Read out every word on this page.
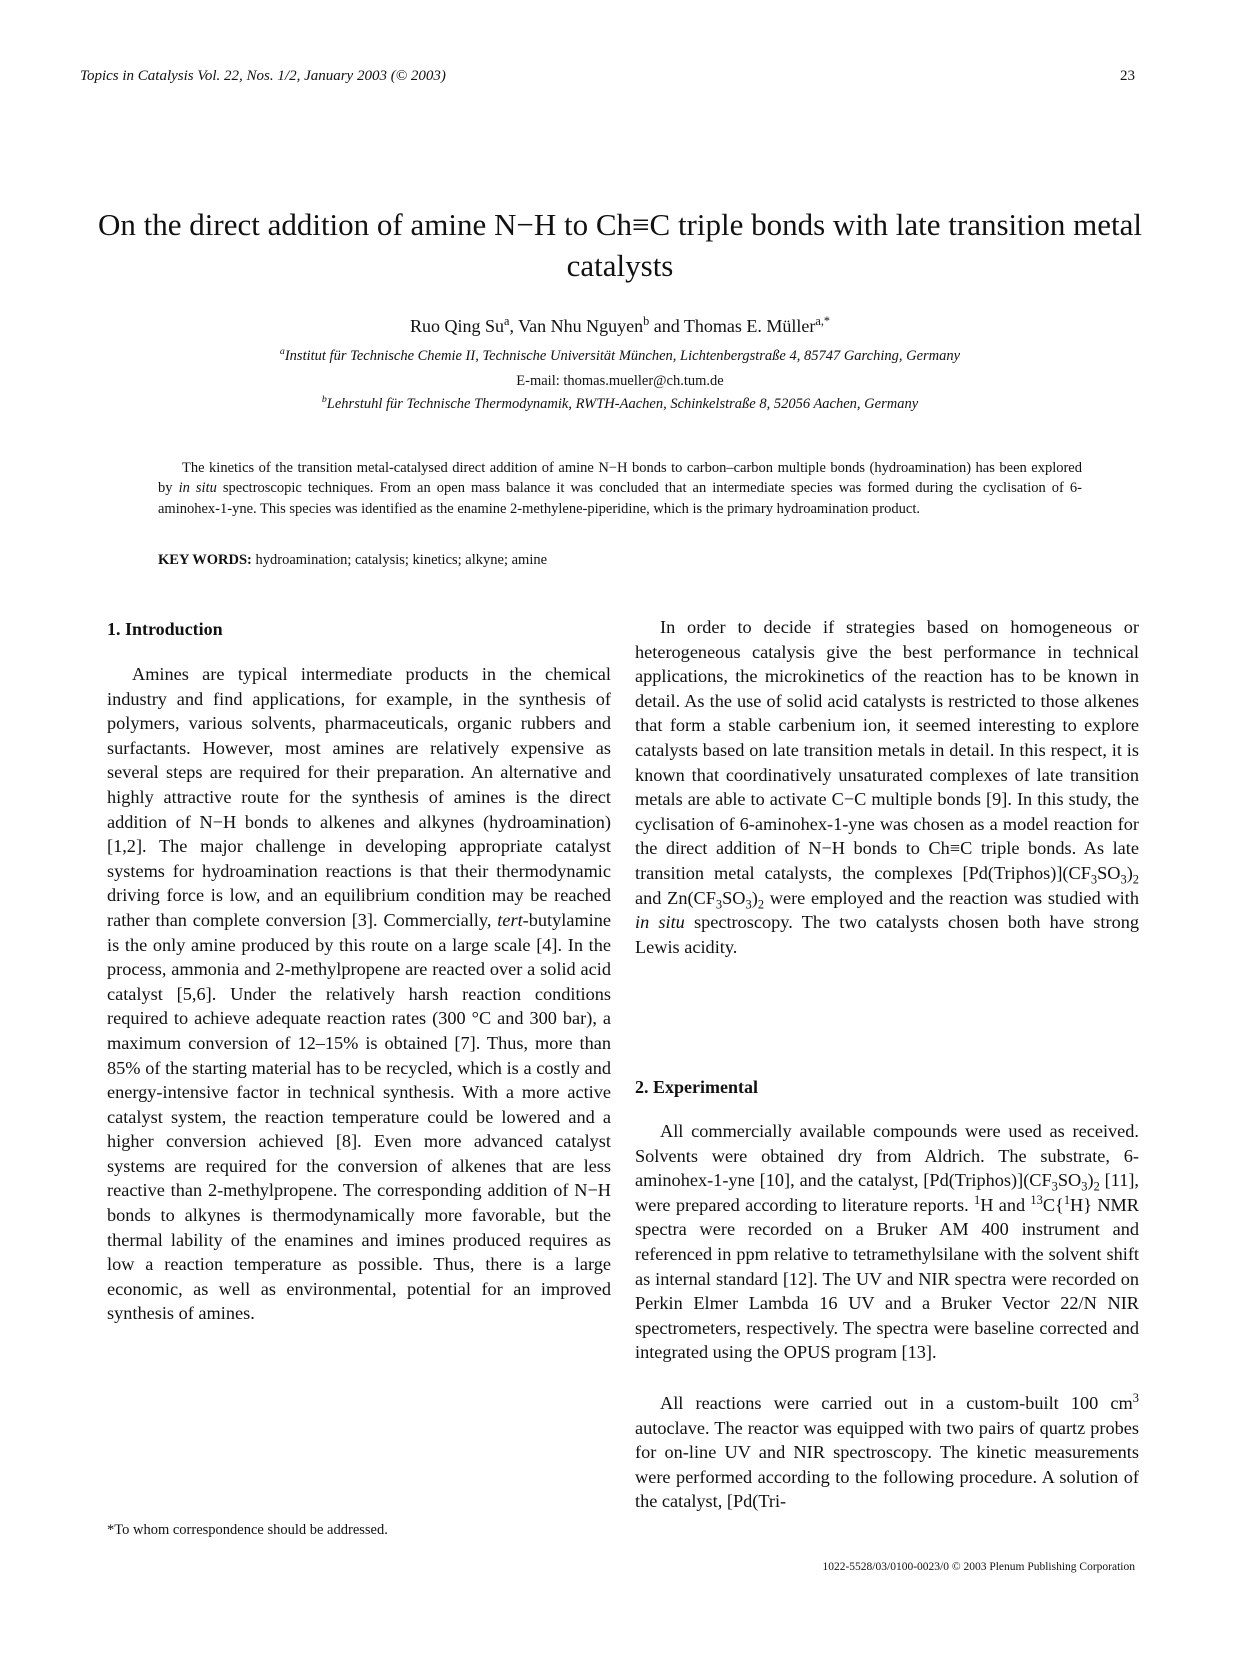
Topics in Catalysis Vol. 22, Nos. 1/2, January 2003 (© 2003)	23
On the direct addition of amine N−H to Ch≡C triple bonds with late transition metal catalysts
Ruo Qing Su$^a$, Van Nhu Nguyen$^b$ and Thomas E. Müller$^{a,*}$
$^a$Institut für Technische Chemie II, Technische Universität München, Lichtenbergstraße 4, 85747 Garching, Germany
E-mail: thomas.mueller@ch.tum.de
$^b$Lehrstuhl für Technische Thermodynamik, RWTH-Aachen, Schinkelstraße 8, 52056 Aachen, Germany

The kinetics of the transition metal-catalysed direct addition of amine N−H bonds to carbon–carbon multiple bonds (hydroamination) has been explored by in situ spectroscopic techniques. From an open mass balance it was concluded that an intermediate species was formed during the cyclisation of 6-aminohex-1-yne. This species was identified as the enamine 2-methylene-piperidine, which is the primary hydroamination product.

KEY WORDS: hydroamination; catalysis; kinetics; alkyne; amine
1. Introduction

Amines are typical intermediate products in the chemical industry and find applications, for example, in the synthesis of polymers, various solvents, pharmaceuticals, organic rubbers and surfactants. However, most amines are relatively expensive as several steps are required for their preparation. An alternative and highly attractive route for the synthesis of amines is the direct addition of N−H bonds to alkenes and alkynes (hydroamination) [1,2]. The major challenge in developing appropriate catalyst systems for hydroamination reactions is that their thermodynamic driving force is low, and an equilibrium condition may be reached rather than complete conversion [3]. Commercially, tert-butylamine is the only amine produced by this route on a large scale [4]. In the process, ammonia and 2-methylpropene are reacted over a solid acid catalyst [5,6]. Under the relatively harsh reaction conditions required to achieve adequate reaction rates (300 °C and 300 bar), a maximum conversion of 12–15% is obtained [7]. Thus, more than 85% of the starting material has to be recycled, which is a costly and energy-intensive factor in technical synthesis. With a more active catalyst system, the reaction temperature could be lowered and a higher conversion achieved [8]. Even more advanced catalyst systems are required for the conversion of alkenes that are less reactive than 2-methylpropene. The corresponding addition of N−H bonds to alkynes is thermodynamically more favorable, but the thermal lability of the enamines and imines produced requires as low a reaction temperature as possible. Thus, there is a large economic, as well as environmental, potential for an improved synthesis of amines.

In order to decide if strategies based on homogeneous or heterogeneous catalysis give the best performance in technical applications, the microkinetics of the reaction has to be known in detail. As the use of solid acid catalysts is restricted to those alkenes that form a stable carbenium ion, it seemed interesting to explore catalysts based on late transition metals in detail. In this respect, it is known that coordinatively unsaturated complexes of late transition metals are able to activate C−C multiple bonds [9]. In this study, the cyclisation of 6-aminohex-1-yne was chosen as a model reaction for the direct addition of N−H bonds to Ch≡C triple bonds. As late transition metal catalysts, the complexes $[Pd(Triphos)](CF_3SO_3)_2$ and $Zn(CF_3SO_3)_2$ were employed and the reaction was studied with in situ spectroscopy. The two catalysts chosen both have strong Lewis acidity.

2. Experimental

All commercially available compounds were used as received. Solvents were obtained dry from Aldrich. The substrate, 6-aminohex-1-yne [10], and the catalyst, $[Pd(Triphos)](CF_3SO_3)_2$ [11], were prepared according to literature reports. $^1$H and $^{13}$C{$^1$H} NMR spectra were recorded on a Bruker AM 400 instrument and referenced in ppm relative to tetramethylsilane with the solvent shift as internal standard [12]. The UV and NIR spectra were recorded on Perkin Elmer Lambda 16 UV and a Bruker Vector 22/N NIR spectrometers, respectively. The spectra were baseline corrected and integrated using the OPUS program [13].

All reactions were carried out in a custom-built 100 $cm^3$ autoclave. The reactor was equipped with two pairs of quartz probes for on-line UV and NIR spectroscopy. The kinetic measurements were performed according to the following procedure. A solution of the catalyst, [Pd(Tri-

*To whom correspondence should be addressed.
1022-5528/03/0100-0023/0 © 2003 Plenum Publishing Corporation
